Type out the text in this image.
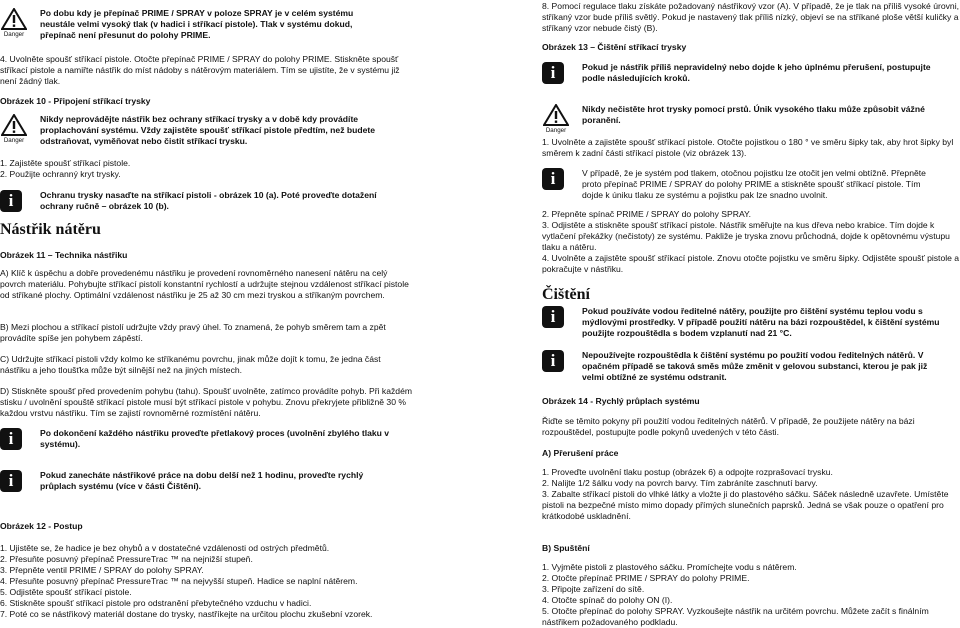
Danger

Po dobu kdy je přepínač PRIME / SPRAY v poloze SPRAY je v celém systému neustále velmi vysoký tlak (v hadici i stříkací pistole). Tlak v systému dokud, přepínač není přesunut do polohy PRIME.

4. Uvolněte spoušť stříkací pistole. Otočte přepínač PRIME / SPRAY do polohy PRIME. Stiskněte spoušť stříkací pistole a namiřte nástřik do míst nádoby s nátěrovým materiálem. Tím se ujistíte, že v systému již není žádný tlak.

Obrázek 10 - Připojení stříkací trysky

Danger

Nikdy neprovádějte nástřik bez ochrany stříkací trysky a v době kdy provádíte proplachování systému. Vždy zajistěte spoušť stříkací pistole předtím, než budete odstraňovat, vyměňovat nebo čistit stříkací trysku.

1. Zajistěte spoušť stříkací pistole.
2. Použijte ochranný kryt trysky.
i	Ochranu trysky nasaďte na stříkací pistoli - obrázek 10 (a). Poté proveďte dotažení ochrany ručně – obrázek 10 (b).

Nástřik nátěru

Obrázek 11 – Technika nástřiku

A) Klíč k úspěchu a dobře provedenému nástřiku je provedení rovnoměrného nanesení nátěru na celý povrch materiálu. Pohybujte stříkací pistolí konstantní rychlostí a udržujte stejnou vzdálenost stříkací pistole od stříkané plochy. Optimální vzdálenost nástřiku je 25 až 30 cm mezi tryskou a stříkaným povrchem.

B) Mezi plochou a stříkací pistolí udržujte vždy pravý úhel. To znamená, že pohyb směrem tam a zpět provádíte spíše jen pohybem zápěstí.

C) Udržujte stříkací pistoli vždy kolmo ke stříkanému povrchu, jinak může dojít k tomu, že jedna část nástřiku a jeho tloušťka může být silnější než na jiných místech.

D) Stiskněte spoušť před provedením pohybu (tahu). Spoušť uvolněte, zatímco provádíte pohyb. Při každém stisku / uvolnění spouště stříkací pistole musí být stříkací pistole v pohybu. Znovu překryjete přibližně 30 % každou vrstvu nástřiku. Tím se zajistí rovnoměrné rozmístění nátěru.

i	Po dokončení každého nástřiku proveďte přetlakový proces (uvolnění zbylého tlaku v systému).

i	Pokud zanecháte nástřikové práce na dobu delší než 1 hodinu, proveďte rychlý průplach systému (více v části Čištění).

Obrázek 12 - Postup

1. Ujistěte se, že hadice je bez ohybů a v dostatečné vzdálenosti od ostrých předmětů.
2. Přesuňte posuvný přepínač PressureTrac ™ na nejnižší stupeň.
3. Přepněte ventil PRIME / SPRAY do polohy SPRAY.
4. Přesuňte posuvný přepínač PressureTrac ™ na nejvyšší stupeň. Hadice se naplní nátěrem.
5. Odjistěte spoušť stříkací pistole.
6. Stiskněte spoušť stříkací pistole pro odstranění přebytečného vzduchu v hadici.
7. Poté co se nástřikový materiál dostane do trysky, nastříkejte na určitou plochu zkušební vzorek.

8. Pomocí regulace tlaku získáte požadovaný nástřikový vzor (A). V případě, že je tlak na příliš vysoké úrovni, stříkaný vzor bude příliš světlý. Pokud je nastavený tlak příliš nízký, objeví se na stříkané ploše větší kuličky a stříkaný vzor nebude čistý (B).

Obrázek 13 – Čištění stříkací trysky

i	Pokud je nástřik příliš nepravidelný nebo dojde k jeho úplnému přerušení, postupujte podle následujících kroků.

Danger

Nikdy nečistěte hrot trysky pomocí prstů. Únik vysokého tlaku může způsobit vážné poranění.

1. Uvolněte a zajistěte spoušť stříkací pistole. Otočte pojistkou o 180 ° ve směru šipky tak, aby hrot šipky byl směrem k zadní části stříkací pistole (viz obrázek 13).

i	V případě, že je systém pod tlakem, otočnou pojistku lze otočit jen velmi obtížně. Přepněte proto přepínač PRIME / SPRAY do polohy PRIME a stiskněte spoušť stříkací pistole. Tím dojde k úniku tlaku ze systému a pojistku pak lze snadno uvolnit.

2. Přepněte spínač PRIME / SPRAY do polohy SPRAY.
3. Odjistěte a stiskněte spoušť stříkací pistole. Nástřik směřujte na kus dřeva nebo krabice. Tím dojde k vytlačení překážky (nečistoty) ze systému. Pakliže je tryska znovu průchodná, dojde k opětovnému výstupu tlaku a nátěru.
4. Uvolněte a zajistěte spoušť stříkací pistole. Znovu otočte pojistku ve směru šipky. Odjistěte spoušť pistole a pokračujte v nástřiku.

Čištění

i	Pokud používáte vodou ředitelné nátěry, použijte pro čištění systému teplou vodu s mýdlovými prostředky. V případě použití nátěru na bázi rozpouštědel, k čištění systému použijte rozpouštědla s bodem vzplanutí nad 21 °C.

i	Nepoužívejte rozpouštědla k čištění systému po použití vodou ředitelných nátěrů. V opačném případě se taková směs může změnit v gelovou substanci, kterou je pak již velmi obtížné ze systému odstranit.

Obrázek 14 - Rychlý průplach systému

Řiďte se těmito pokyny při použití vodou ředitelných nátěrů. V případě, že použijete nátěry na bázi rozpouštědel, postupujte podle pokynů uvedených v této části.

A) Přerušení práce

1. Proveďte uvolnění tlaku postup (obrázek 6) a odpojte rozprašovací trysku.
2. Nalijte 1/2 šálku vody na povrch barvy. Tím zabráníte zaschnutí barvy.
3. Zabalte stříkací pistoli do vlhké látky a vložte ji do plastového sáčku. Sáček následně uzavřete. Umístěte pistoli na bezpečné místo mimo dopady přímých slunečních paprsků. Jedná se však pouze o opatření pro krátkodobé uskladnění.

B) Spuštění

1. Vyjměte pistoli z plastového sáčku. Promíchejte vodu s nátěrem.
2. Otočte přepínač PRIME / SPRAY do polohy PRIME.
3. Připojte zařízení do sítě.
4. Otočte spínač do polohy ON (I).
5. Otočte přepínač do polohy SPRAY. Vyzkoušejte nástřik na určitém povrchu. Můžete začít s finálním nástřikem požadovaného podkladu.
